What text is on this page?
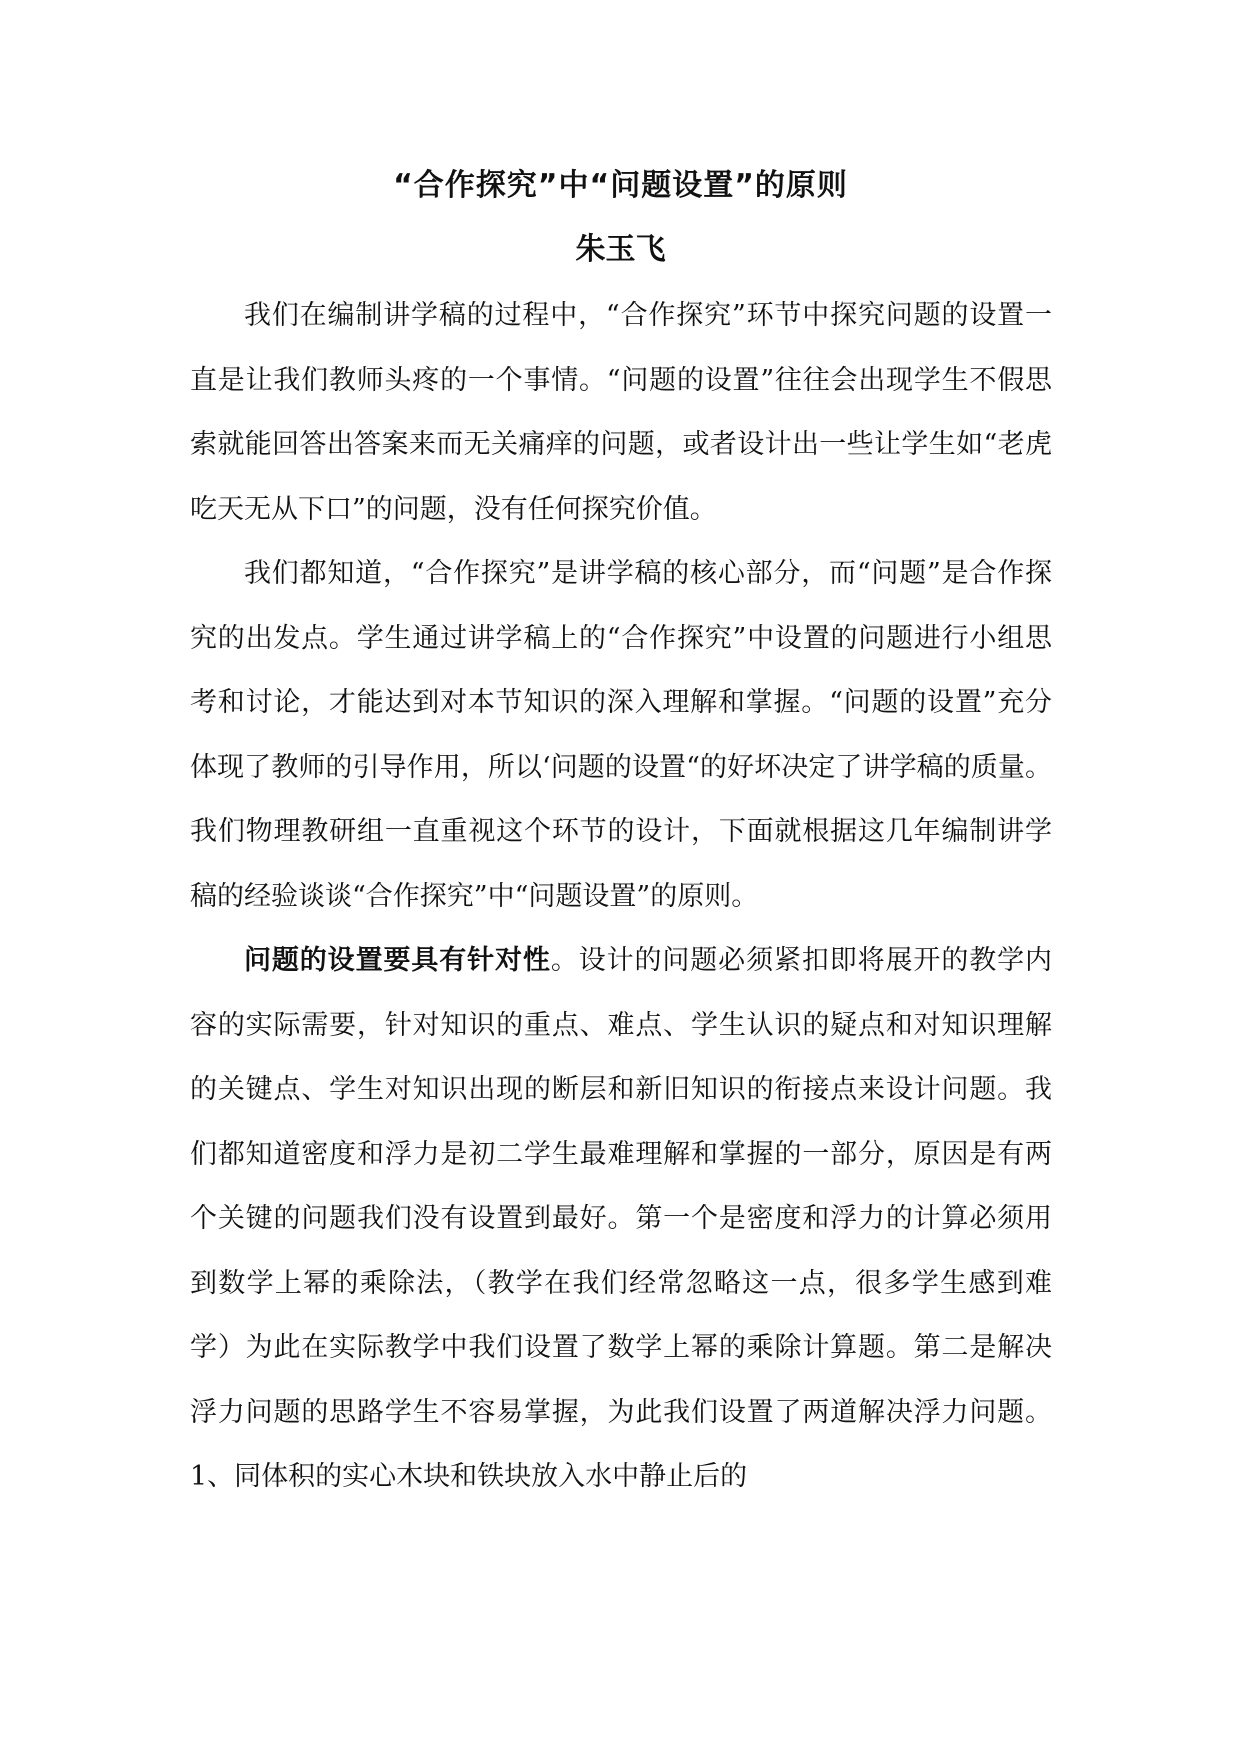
“合作探究”中“问题设置”的原则
朱玉飞

我们在编制讲学稿的过程中，“合作探究”环节中探究问题的设置一直是让我们教师头疼的一个事情。“问题的设置”往往会出现学生不假思索就能回答出答案来而无关痛痒的问题，或者设计出一些让学生如“老虎吃天无从下口”的问题，没有任何探究价值。

我们都知道，“合作探究”是讲学稿的核心部分，而“问题”是合作探究的出发点。学生通过讲学稿上的“合作探究”中设置的问题进行小组思考和讨论，才能达到对本节知识的深入理解和掌握。“问题的设置”充分体现了教师的引导作用，所以‘问题的设置“的好坏决定了讲学稿的质量。我们物理教研组一直重视这个环节的设计，下面就根据这几年编制讲学稿的经验谈谈“合作探究”中“问题设置”的原则。

问题的设置要具有针对性。设计的问题必须紧扣即将展开的教学内容的实际需要，针对知识的重点、难点、学生认识的疑点和对知识理解的关键点、学生对知识出现的断层和新旧知识的衔接点来设计问题。我们都知道密度和浮力是初二学生最难理解和掌握的一部分，原因是有两个关键的问题我们没有设置到最好。第一个是密度和浮力的计算必须用到数学上幂的乘除法，（教学在我们经常忽略这一点，很多学生感到难学）为此在实际教学中我们设置了数学上幂的乘除计算题。第二是解决浮力问题的思路学生不容易掌握，为此我们设置了两道解决浮力问题。1、同体积的实心木块和铁块放入水中静止后的
